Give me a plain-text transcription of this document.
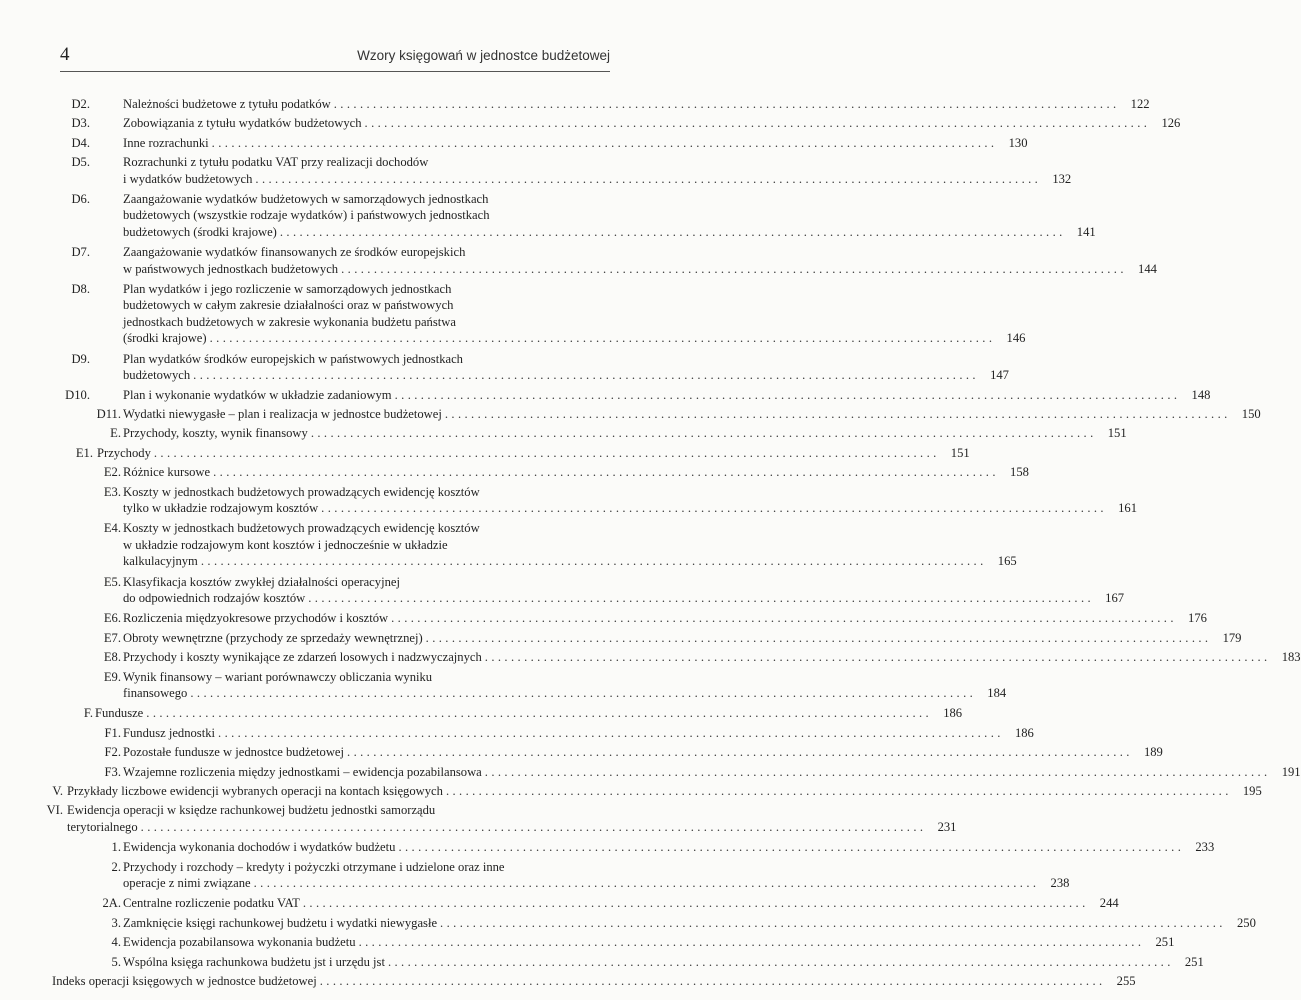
4	Wzory księgowań w jednostce budżetowej
D2.	Należności budżetowe z tytułu podatków ........................................................................................................................ 122
D3.	Zobowiązania z tytułu wydatków budżetowych ........................................................................................................................ 126
D4.	Inne rozrachunki ........................................................................................................................ 130
D5.	Rozrachunki z tytułu podatku VAT przy realizacji dochodów
i wydatków budżetowych ........................................................................................................................ 132
D6.	Zaangażowanie wydatków budżetowych w samorządowych jednostkach
budżetowych (wszystkie rodzaje wydatków) i państwowych jednostkach
budżetowych (środki krajowe) ........................................................................................................................ 141
D7.	Zaangażowanie wydatków finansowanych ze środków europejskich
w państwowych jednostkach budżetowych ........................................................................................................................ 144
D8.	Plan wydatków i jego rozliczenie w samorządowych jednostkach
budżetowych w całym zakresie działalności oraz w państwowych
jednostkach budżetowych w zakresie wykonania budżetu państwa
(środki krajowe) ........................................................................................................................ 146
D9.	Plan wydatków środków europejskich w państwowych jednostkach
budżetowych ........................................................................................................................ 147
D10.	Plan i wykonanie wydatków w układzie zadaniowym ........................................................................................................................ 148
D11. Wydatki niewygasłe – plan i realizacja w jednostce budżetowej ........................................................................................................................ 150
E. Przychody, koszty, wynik finansowy ........................................................................................................................ 151
E1. Przychody ........................................................................................................................ 151
E2. Różnice kursowe ........................................................................................................................ 158
E3. Koszty w jednostkach budżetowych prowadzących ewidencję kosztów
tylko w układzie rodzajowym kosztów ........................................................................................................................ 161
E4. Koszty w jednostkach budżetowych prowadzących ewidencję kosztów
w układzie rodzajowym kont kosztów i jednocześnie w układzie
kalkulacyjnym ........................................................................................................................ 165
E5. Klasyfikacja kosztów zwykłej działalności operacyjnej
do odpowiednich rodzajów kosztów ........................................................................................................................ 167
E6. Rozliczenia międzyokresowe przychodów i kosztów ........................................................................................................................ 176
E7. Obroty wewnętrzne (przychody ze sprzedaży wewnętrznej) ........................................................................................................................ 179
E8. Przychody i koszty wynikające ze zdarzeń losowych i nadzwyczajnych ........................................................................................................................ 183
E9. Wynik finansowy – wariant porównawczy obliczania wyniku
finansowego ........................................................................................................................ 184
F. Fundusze ........................................................................................................................ 186
F1. Fundusz jednostki ........................................................................................................................ 186
F2. Pozostałe fundusze w jednostce budżetowej ........................................................................................................................ 189
F3. Wzajemne rozliczenia między jednostkami – ewidencja pozabilansowa ........................................................................................................................ 191
V. Przykłady liczbowe ewidencji wybranych operacji na kontach księgowych ........................................................................................................................ 195
VI. Ewidencja operacji w księdze rachunkowej budżetu jednostki samorządu
terytorialnego ........................................................................................................................ 231
1. Ewidencja wykonania dochodów i wydatków budżetu ........................................................................................................................ 233
2. Przychody i rozchody – kredyty i pożyczki otrzymane i udzielone oraz inne
operacje z nimi związane ........................................................................................................................ 238
2A. Centralne rozliczenie podatku VAT ........................................................................................................................ 244
3. Zamknięcie księgi rachunkowej budżetu i wydatki niewygasłe ........................................................................................................................ 250
4. Ewidencja pozabilansowa wykonania budżetu ........................................................................................................................ 251
5. Wspólna księga rachunkowa budżetu jst i urzędu jst ........................................................................................................................ 251
Indeks operacji księgowych w jednostce budżetowej ........................................................................................................................ 255
